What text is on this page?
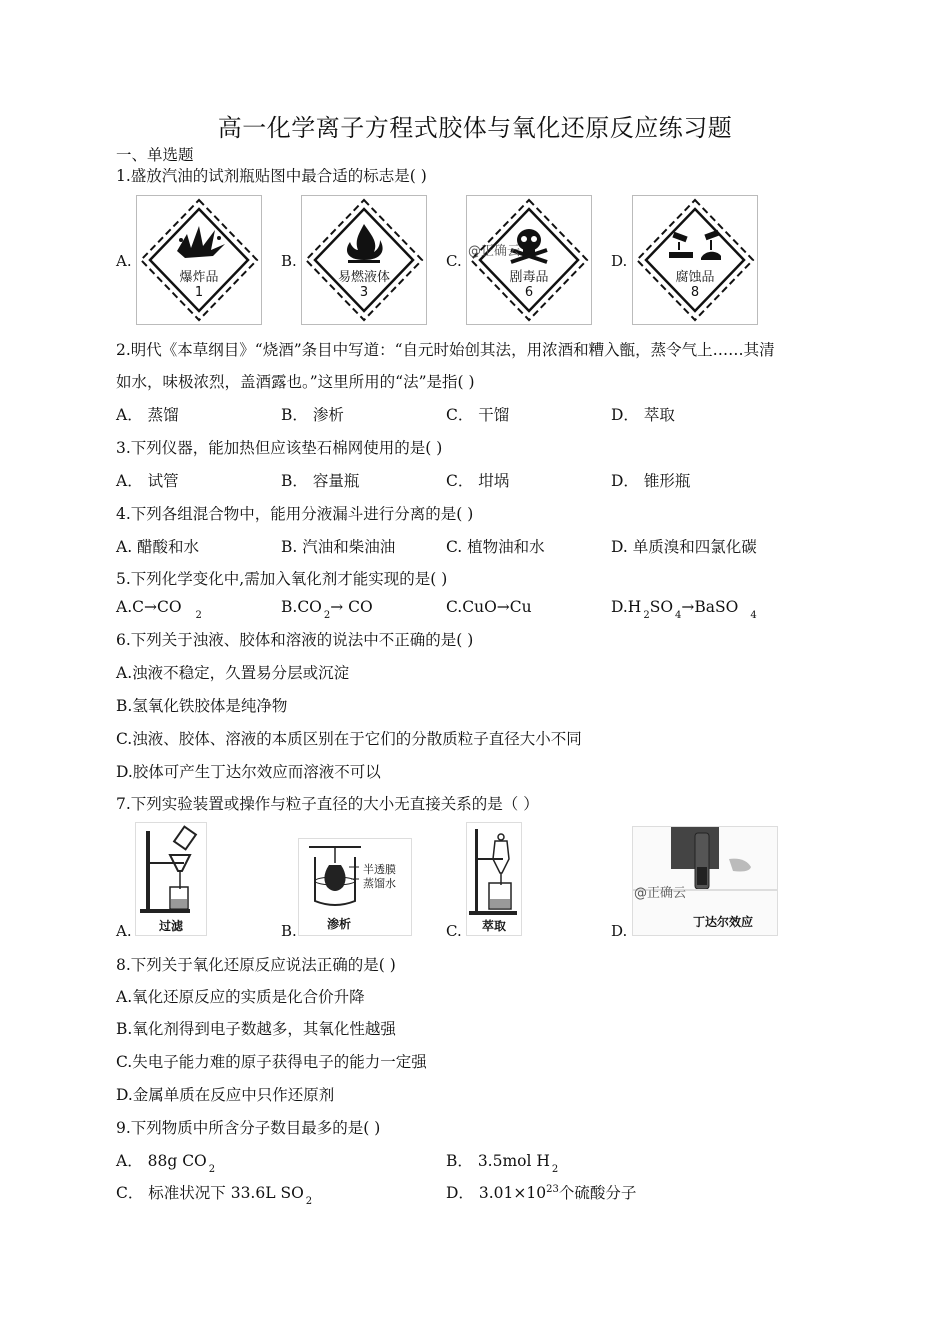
高一化学离子方程式胶体与氧化还原反应练习题
一、单选题
1.盛放汽油的试剂瓶贴图中最合适的标志是( )
A.
爆炸品
1
B.
易燃液体
3
C.
剧毒品
6
@正确云
D.
腐蚀品
8
2.明代《本草纲目》“烧酒”条目中写道：“自元时始创其法，用浓酒和糟入甑，蒸令气上……其清
如水，味极浓烈，盖酒露也。”这里所用的“法”是指( )
A． 蒸馏	B． 渗析	C． 干馏	D． 萃取
3.下列仪器，能加热但应该垫石棉网使用的是( )
A． 试管	B． 容量瓶	C． 坩埚	D． 锥形瓶
4.下列各组混合物中，能用分液漏斗进行分离的是( )
A. 醋酸和水	B. 汽油和柴油油	C. 植物油和水	D. 单质溴和四氯化碳
5.下列化学变化中,需加入氧化剂才能实现的是( )
A.C→CO $_2$	B.CO $_2$→ CO	C.CuO→Cu	D.H $_2$SO $_4$→BaSO $_4$
6.下列关于浊液、胶体和溶液的说法中不正确的是( )
A.浊液不稳定，久置易分层或沉淀
B.氢氧化铁胶体是纯净物
C.浊液、胶体、溶液的本质区别在于它们的分散质粒子直径大小不同
D.胶体可产生丁达尔效应而溶液不可以
7.下列实验装置或操作与粒子直径的大小无直接关系的是（ ）
A.	过滤	B.
半透膜
蒸馏水
渗析	C.	萃取	D.	丁达尔效应
@正确云
8.下列关于氧化还原反应说法正确的是( )
A.氧化还原反应的实质是化合价升降
B.氧化剂得到电子数越多，其氧化性越强
C.失电子能力难的原子获得电子的能力一定强
D.金属单质在反应中只作还原剂
9.下列物质中所含分子数目最多的是( )
A． 88g CO $_2$	B． 3.5mol H $_2$
C． 标准状况下 33.6L SO $_2$	D． $3.01\times 10^{23}$个硫酸分子
